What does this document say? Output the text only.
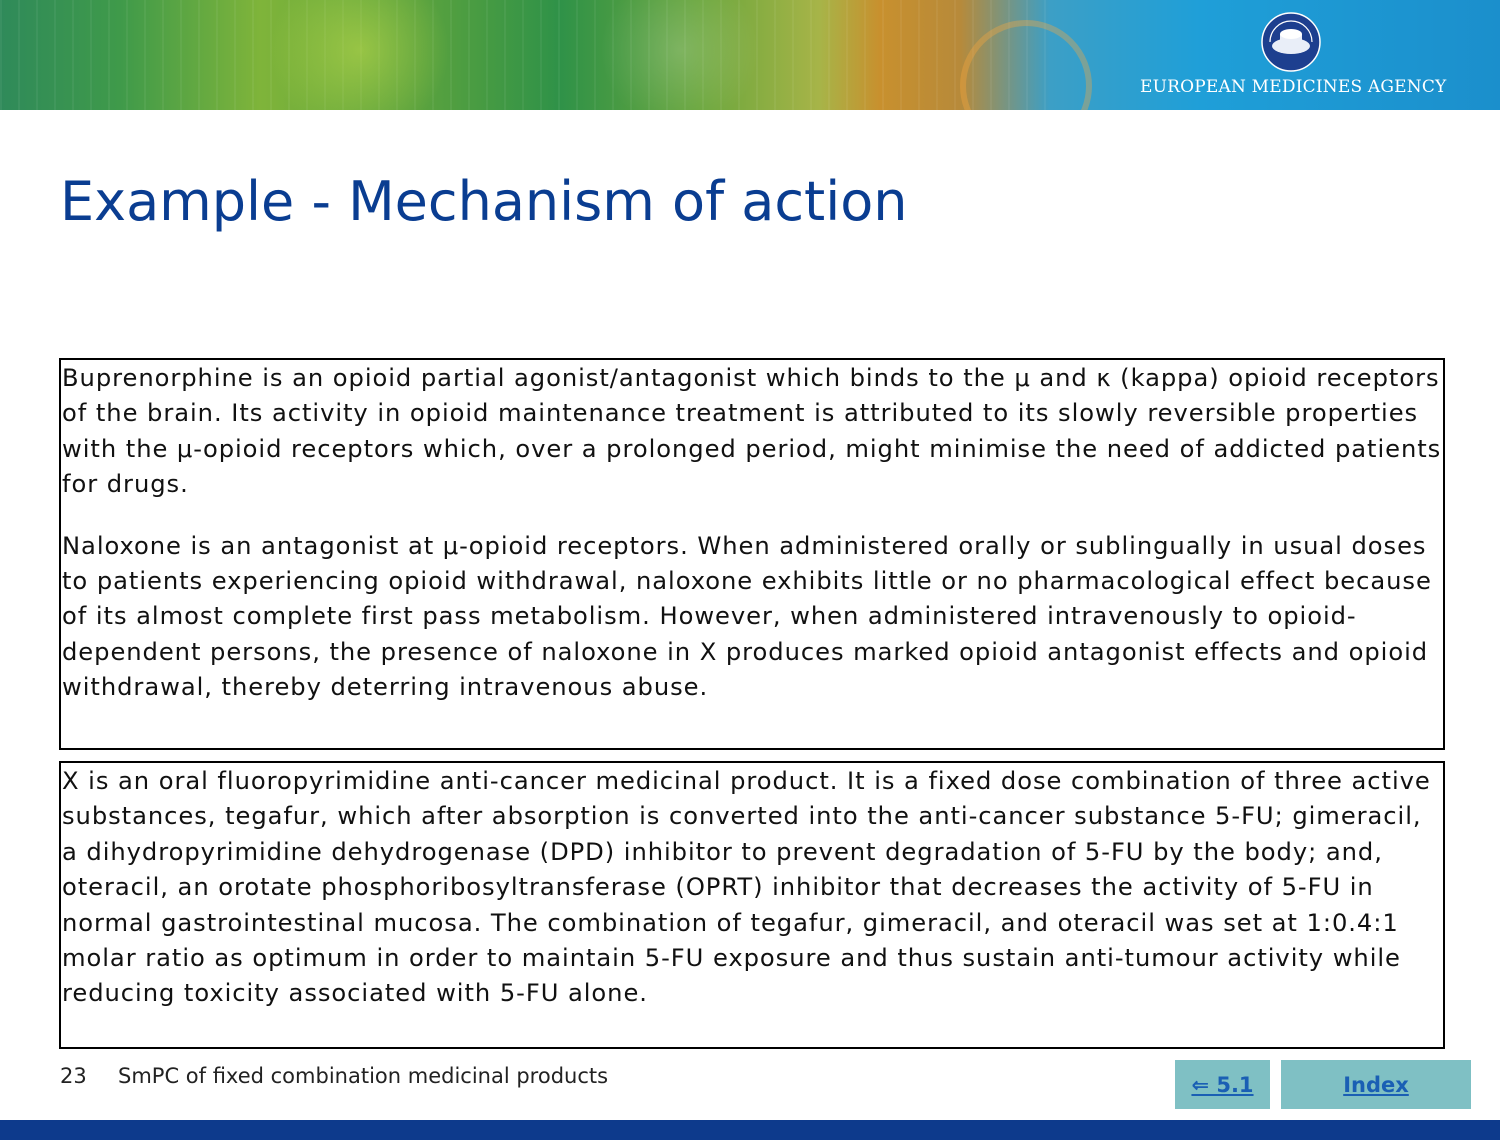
EUROPEAN MEDICINES AGENCY
Example - Mechanism of action

Buprenorphine is an opioid partial agonist/antagonist which binds to the μ and κ (kappa) opioid receptors of the brain. Its activity in opioid maintenance treatment is attributed to its slowly reversible properties with the μ-opioid receptors which, over a prolonged period, might minimise the need of addicted patients for drugs.

Naloxone is an antagonist at μ-opioid receptors. When administered orally or sublingually in usual doses to patients experiencing opioid withdrawal, naloxone exhibits little or no pharmacological effect because of its almost complete first pass metabolism. However, when administered intravenously to opioid-dependent persons, the presence of naloxone in X produces marked opioid antagonist effects and opioid withdrawal, thereby deterring intravenous abuse.

X is an oral fluoropyrimidine anti-cancer medicinal product. It is a fixed dose combination of three active substances, tegafur, which after absorption is converted into the anti-cancer substance 5-FU; gimeracil, a dihydropyrimidine dehydrogenase (DPD) inhibitor to prevent degradation of 5-FU by the body; and, oteracil, an orotate phosphoribosyltransferase (OPRT) inhibitor that decreases the activity of 5-FU in normal gastrointestinal mucosa. The combination of tegafur, gimeracil, and oteracil was set at 1:0.4:1 molar ratio as optimum in order to maintain 5-FU exposure and thus sustain anti-tumour activity while reducing toxicity associated with 5-FU alone.

23 SmPC of fixed combination medicinal products	⇐ 5.1	Index
